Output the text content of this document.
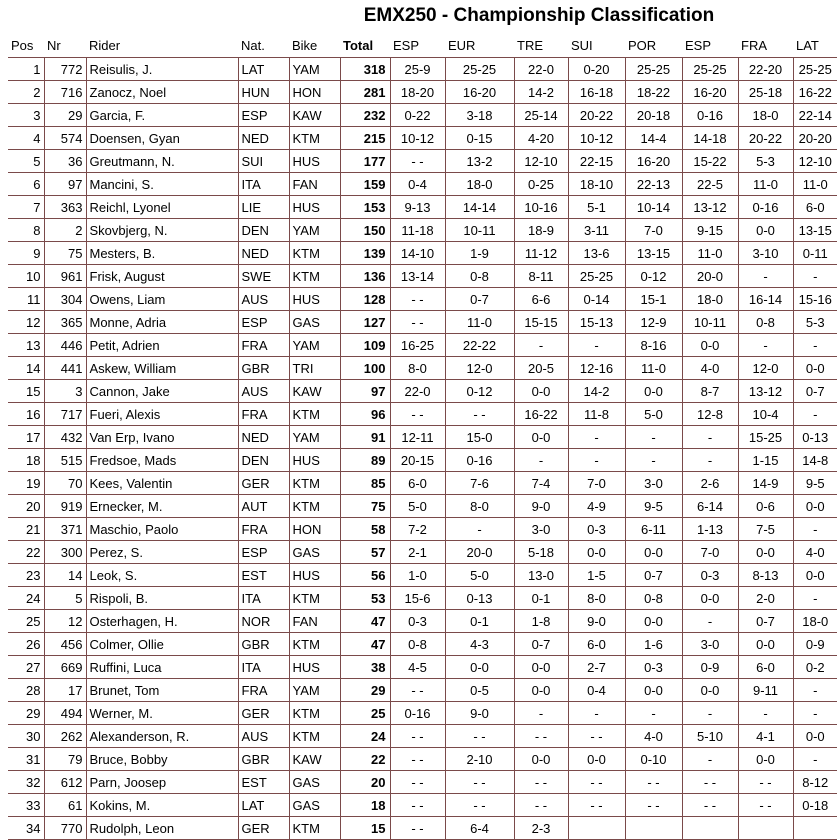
EMX250 - Championship Classification
Pos	Nr	Rider	Nat.	Bike	Total	ESP	EUR	TRE	SUI	POR	ESP	FRA	LAT
1	772	Reisulis, J.	LAT	YAM	318	25-9	25-25	22-0	0-20	25-25	25-25	22-20	25-25
2	716	Zanocz, Noel	HUN	HON	281	18-20	16-20	14-2	16-18	18-22	16-20	25-18	16-22
3	29	Garcia, F.	ESP	KAW	232	0-22	3-18	25-14	20-22	20-18	0-16	18-0	22-14
4	574	Doensen, Gyan	NED	KTM	215	10-12	0-15	4-20	10-12	14-4	14-18	20-22	20-20
5	36	Greutmann, N.	SUI	HUS	177	- -	13-2	12-10	22-15	16-20	15-22	5-3	12-10
6	97	Mancini, S.	ITA	FAN	159	0-4	18-0	0-25	18-10	22-13	22-5	11-0	11-0
7	363	Reichl, Lyonel	LIE	HUS	153	9-13	14-14	10-16	5-1	10-14	13-12	0-16	6-0
8	2	Skovbjerg, N.	DEN	YAM	150	11-18	10-11	18-9	3-11	7-0	9-15	0-0	13-15
9	75	Mesters, B.	NED	KTM	139	14-10	1-9	11-12	13-6	13-15	11-0	3-10	0-11
10	961	Frisk, August	SWE	KTM	136	13-14	0-8	8-11	25-25	0-12	20-0	-	-
11	304	Owens, Liam	AUS	HUS	128	- -	0-7	6-6	0-14	15-1	18-0	16-14	15-16
12	365	Monne, Adria	ESP	GAS	127	- -	11-0	15-15	15-13	12-9	10-11	0-8	5-3
13	446	Petit, Adrien	FRA	YAM	109	16-25	22-22	-	-	8-16	0-0	-	-
14	441	Askew, William	GBR	TRI	100	8-0	12-0	20-5	12-16	11-0	4-0	12-0	0-0
15	3	Cannon, Jake	AUS	KAW	97	22-0	0-12	0-0	14-2	0-0	8-7	13-12	0-7
16	717	Fueri, Alexis	FRA	KTM	96	- -	- -	16-22	11-8	5-0	12-8	10-4	-
17	432	Van Erp, Ivano	NED	YAM	91	12-11	15-0	0-0	-	-	-	15-25	0-13
18	515	Fredsoe, Mads	DEN	HUS	89	20-15	0-16	-	-	-	-	1-15	14-8
19	70	Kees, Valentin	GER	KTM	85	6-0	7-6	7-4	7-0	3-0	2-6	14-9	9-5
20	919	Ernecker, M.	AUT	KTM	75	5-0	8-0	9-0	4-9	9-5	6-14	0-6	0-0
21	371	Maschio, Paolo	FRA	HON	58	7-2	-	3-0	0-3	6-11	1-13	7-5	-
22	300	Perez, S.	ESP	GAS	57	2-1	20-0	5-18	0-0	0-0	7-0	0-0	4-0
23	14	Leok, S.	EST	HUS	56	1-0	5-0	13-0	1-5	0-7	0-3	8-13	0-0
24	5	Rispoli, B.	ITA	KTM	53	15-6	0-13	0-1	8-0	0-8	0-0	2-0	-
25	12	Osterhagen, H.	NOR	FAN	47	0-3	0-1	1-8	9-0	0-0	-	0-7	18-0
26	456	Colmer, Ollie	GBR	KTM	47	0-8	4-3	0-7	6-0	1-6	3-0	0-0	0-9
27	669	Ruffini, Luca	ITA	HUS	38	4-5	0-0	0-0	2-7	0-3	0-9	6-0	0-2
28	17	Brunet, Tom	FRA	YAM	29	- -	0-5	0-0	0-4	0-0	0-0	9-11	-
29	494	Werner, M.	GER	KTM	25	0-16	9-0	-	-	-	-	-	-
30	262	Alexanderson, R.	AUS	KTM	24	- -	- -	- -	- -	4-0	5-10	4-1	0-0
31	79	Bruce, Bobby	GBR	KAW	22	- -	2-10	0-0	0-0	0-10	-	0-0	-
32	612	Parn, Joosep	EST	GAS	20	- -	- -	- -	- -	- -	- -	- -	8-12
33	61	Kokins, M.	LAT	GAS	18	- -	- -	- -	- -	- -	- -	- -	0-18
34	770	Rudolph, Leon	GER	KTM	15	- -	6-4	2-3					
